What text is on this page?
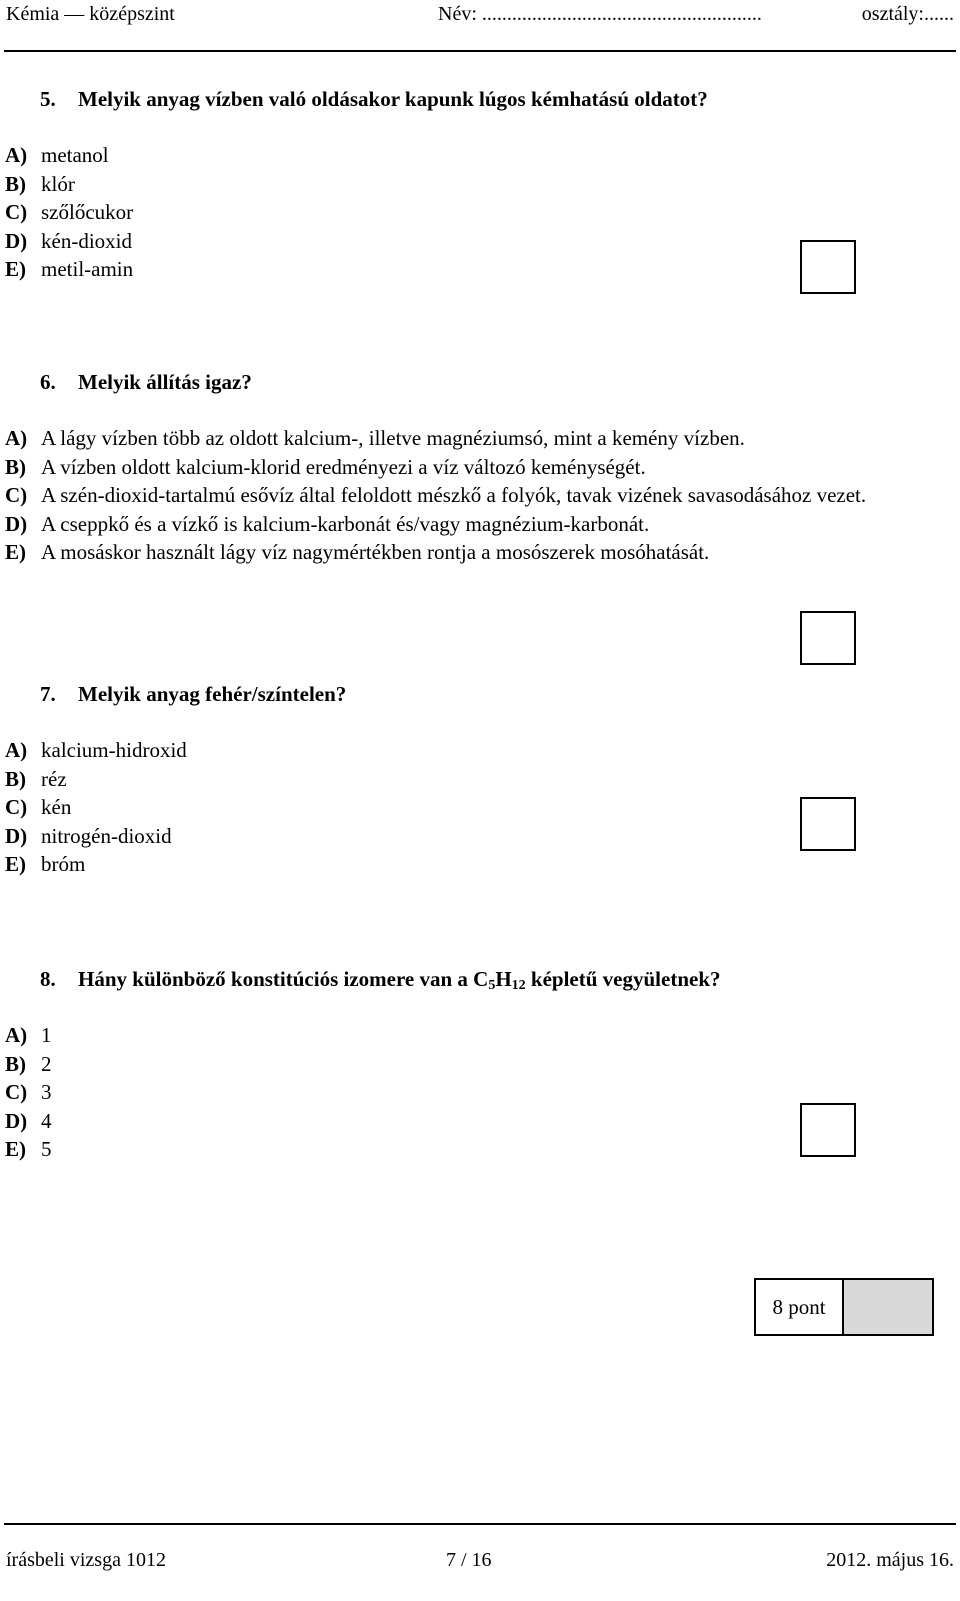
Kémia — középszint	Név: ........................................................	osztály:......
5. Melyik anyag vízben való oldásakor kapunk lúgos kémhatású oldatot?
A) metanol
B) klór
C) szőlőcukor
D) kén-dioxid
E) metil-amin
6. Melyik állítás igaz?
A) A lágy vízben több az oldott kalcium-, illetve magnéziumsó, mint a kemény vízben.
B) A vízben oldott kalcium-klorid eredményezi a víz változó keménységét.
C) A szén-dioxid-tartalmú esővíz által feloldott mészkő a folyók, tavak vizének savasodásához vezet.
D) A cseppkő és a vízkő is kalcium-karbonát és/vagy magnézium-karbonát.
E) A mosáskor használt lágy víz nagymértékben rontja a mosószerek mosóhatását.
7. Melyik anyag fehér/színtelen?
A) kalcium-hidroxid
B) réz
C) kén
D) nitrogén-dioxid
E) bróm
8. Hány különböző konstitúciós izomere van a $C_5H_{12}$ képletű vegyületnek?
A) 1
B) 2
C) 3
D) 4
E) 5
8 pont
írásbeli vizsga 1012	7 / 16	2012. május 16.
